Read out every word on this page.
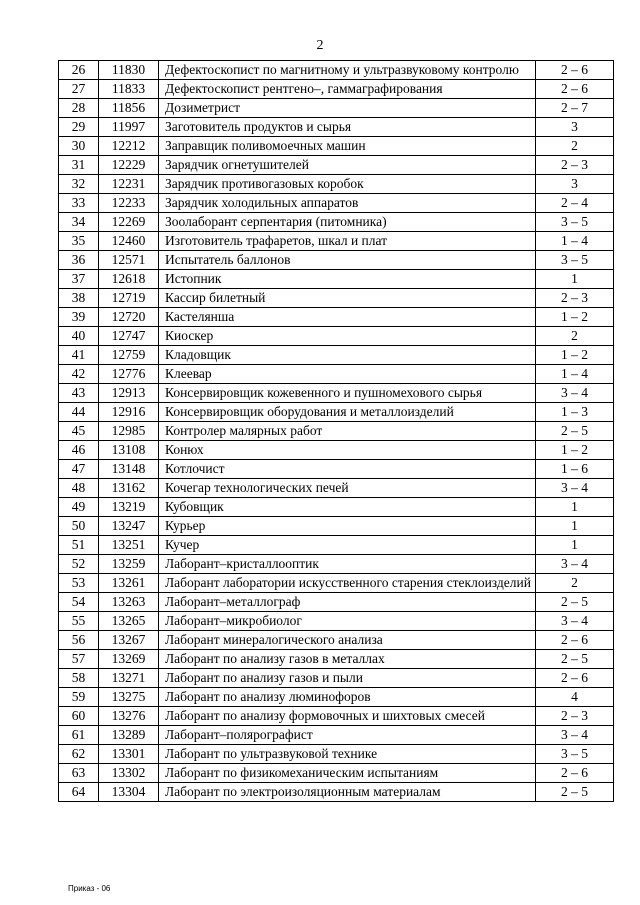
2
26	11830	Дефектоскопист по магнитному и ультразвуковому контролю	2 – 6
27	11833	Дефектоскопист рентгено–, гаммаграфирования	2 – 6
28	11856	Дозиметрист	2 – 7
29	11997	Заготовитель продуктов и сырья	3
30	12212	Заправщик поливомоечных машин	2
31	12229	Зарядчик огнетушителей	2 – 3
32	12231	Зарядчик противогазовых коробок	3
33	12233	Зарядчик холодильных аппаратов	2 – 4
34	12269	Зоолаборант серпентария (питомника)	3 – 5
35	12460	Изготовитель трафаретов, шкал и плат	1 – 4
36	12571	Испытатель баллонов	3 – 5
37	12618	Истопник	1
38	12719	Кассир билетный	2 – 3
39	12720	Кастелянша	1 – 2
40	12747	Киоскер	2
41	12759	Кладовщик	1 – 2
42	12776	Клеевар	1 – 4
43	12913	Консервировщик кожевенного и пушномехового сырья	3 – 4
44	12916	Консервировщик оборудования и металлоизделий	1 – 3
45	12985	Контролер малярных работ	2 – 5
46	13108	Конюх	1 – 2
47	13148	Котлочист	1 – 6
48	13162	Кочегар технологических печей	3 – 4
49	13219	Кубовщик	1
50	13247	Курьер	1
51	13251	Кучер	1
52	13259	Лаборант–кристаллооптик	3 – 4
53	13261	Лаборант лаборатории искусственного старения стеклоизделий	2
54	13263	Лаборант–металлограф	2 – 5
55	13265	Лаборант–микробиолог	3 – 4
56	13267	Лаборант минералогического анализа	2 – 6
57	13269	Лаборант по анализу газов в металлах	2 – 5
58	13271	Лаборант по анализу газов и пыли	2 – 6
59	13275	Лаборант по анализу люминофоров	4
60	13276	Лаборант по анализу формовочных и шихтовых смесей	2 – 3
61	13289	Лаборант–полярографист	3 – 4
62	13301	Лаборант по ультразвуковой технике	3 – 5
63	13302	Лаборант по физикомеханическим испытаниям	2 – 6
64	13304	Лаборант по электроизоляционным материалам	2 – 5
Приказ - 06
